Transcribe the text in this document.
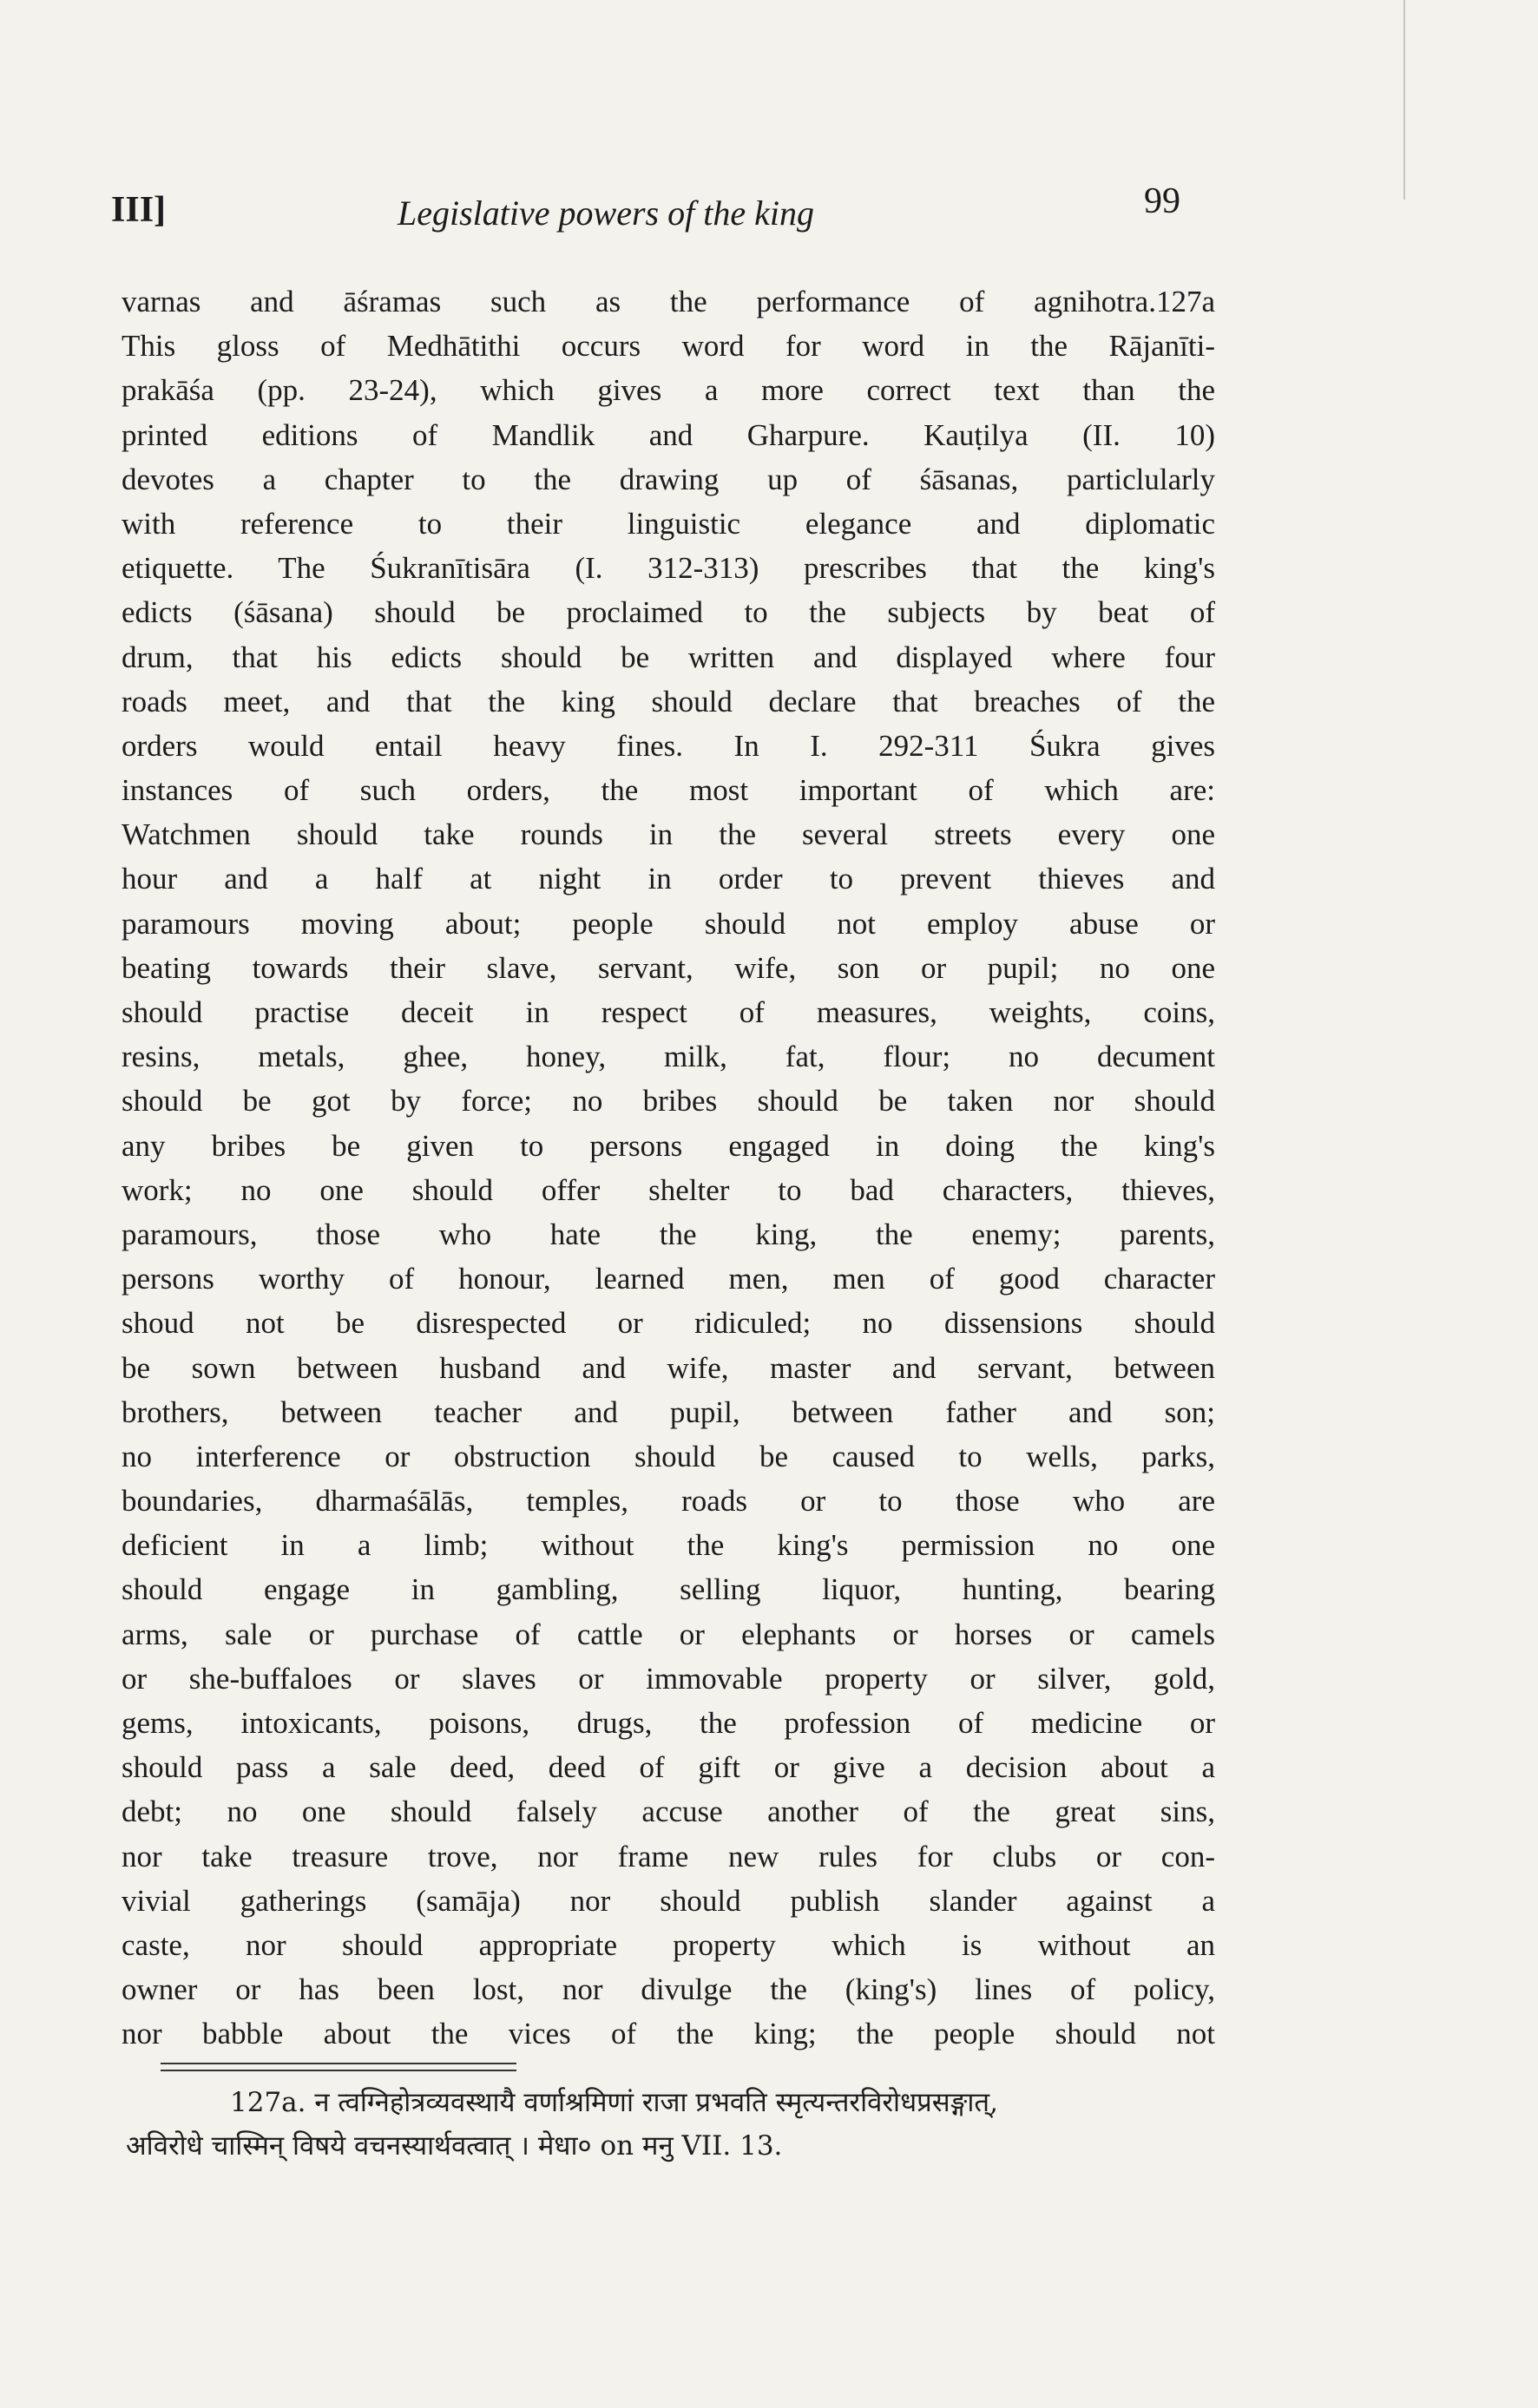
III]	Legislative powers of the king	99
varnas and āśramas such as the performance of agnihotra.127a
This gloss of Medhātithi occurs word for word in the Rājanīti-
prakāśa (pp. 23-24), which gives a more correct text than the
printed editions of Mandlik and Gharpure. Kauṭilya (II. 10)
devotes a chapter to the drawing up of śāsanas, particlularly
with reference to their linguistic elegance and diplomatic
etiquette. The Śukranītisāra (I. 312-313) prescribes that the king's
edicts (śāsana) should be proclaimed to the subjects by beat of
drum, that his edicts should be written and displayed where four
roads meet, and that the king should declare that breaches of the
orders would entail heavy fines. In I. 292-311 Śukra gives
instances of such orders, the most important of which are:
Watchmen should take rounds in the several streets every one
hour and a half at night in order to prevent thieves and
paramours moving about; people should not employ abuse or
beating towards their slave, servant, wife, son or pupil; no one
should practise deceit in respect of measures, weights, coins,
resins, metals, ghee, honey, milk, fat, flour; no decument
should be got by force; no bribes should be taken nor should
any bribes be given to persons engaged in doing the king's
work; no one should offer shelter to bad characters, thieves,
paramours, those who hate the king, the enemy; parents,
persons worthy of honour, learned men, men of good character
shoud not be disrespected or ridiculed; no dissensions should
be sown between husband and wife, master and servant, between
brothers, between teacher and pupil, between father and son;
no interference or obstruction should be caused to wells, parks,
boundaries, dharmaśālās, temples, roads or to those who are
deficient in a limb; without the king's permission no one
should engage in gambling, selling liquor, hunting, bearing
arms, sale or purchase of cattle or elephants or horses or camels
or she-buffaloes or slaves or immovable property or silver, gold,
gems, intoxicants, poisons, drugs, the profession of medicine or
should pass a sale deed, deed of gift or give a decision about a
debt; no one should falsely accuse another of the great sins,
nor take treasure trove, nor frame new rules for clubs or con-
vivial gatherings (samāja) nor should publish slander against a
caste, nor should appropriate property which is without an
owner or has been lost, nor divulge the (king's) lines of policy,
nor babble about the vices of the king; the people should not
127a. न त्वग्निहोत्रव्यवस्थायै वर्णाश्रमिणां राजा प्रभवति स्मृत्यन्तरविरोधप्रसङ्गात्,
अविरोधे चास्मिन् विषये वचनस्यार्थवत्वात् । मेधा० on मनु VII. 13.
